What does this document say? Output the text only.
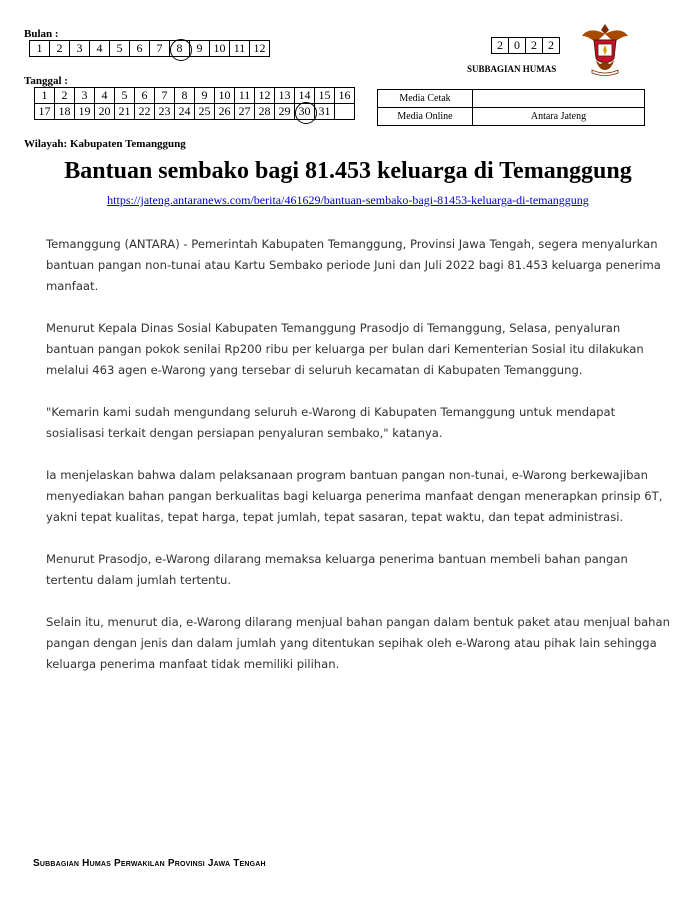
Bulan :
1	2	3	4	5	6	7	8	9	10	11	12
Tanggal :
1	2	3	4	5	6	7	8	9	10	11	12	13	14	15	16
17	18	19	20	21	22	23	24	25	26	27	28	29	30	31	
2	0	2	2
SUBBAGIAN HUMAS
Media Cetak	
Media Online	Antara Jateng
Wilayah: Kabupaten Temanggung
Bantuan sembako bagi 81.453 keluarga di Temanggung
https://jateng.antaranews.com/berita/461629/bantuan-sembako-bagi-81453-keluarga-di-temanggung

Temanggung (ANTARA) - Pemerintah Kabupaten Temanggung, Provinsi Jawa Tengah, segera menyalurkan bantuan pangan non-tunai atau Kartu Sembako periode Juni dan Juli 2022 bagi 81.453 keluarga penerima manfaat.

Menurut Kepala Dinas Sosial Kabupaten Temanggung Prasodjo di Temanggung, Selasa, penyaluran bantuan pangan pokok senilai Rp200 ribu per keluarga per bulan dari Kementerian Sosial itu dilakukan melalui 463 agen e-Warong yang tersebar di seluruh kecamatan di Kabupaten Temanggung.

"Kemarin kami sudah mengundang seluruh e-Warong di Kabupaten Temanggung untuk mendapat sosialisasi terkait dengan persiapan penyaluran sembako," katanya.

Ia menjelaskan bahwa dalam pelaksanaan program bantuan pangan non-tunai, e-Warong berkewajiban menyediakan bahan pangan berkualitas bagi keluarga penerima manfaat dengan menerapkan prinsip 6T, yakni tepat kualitas, tepat harga, tepat jumlah, tepat sasaran, tepat waktu, dan tepat administrasi.

Menurut Prasodjo, e-Warong dilarang memaksa keluarga penerima bantuan membeli bahan pangan tertentu dalam jumlah tertentu.

Selain itu, menurut dia, e-Warong dilarang menjual bahan pangan dalam bentuk paket atau menjual bahan pangan dengan jenis dan dalam jumlah yang ditentukan sepihak oleh e-Warong atau pihak lain sehingga keluarga penerima manfaat tidak memiliki pilihan.

Subbagian Humas Perwakilan Provinsi Jawa Tengah
